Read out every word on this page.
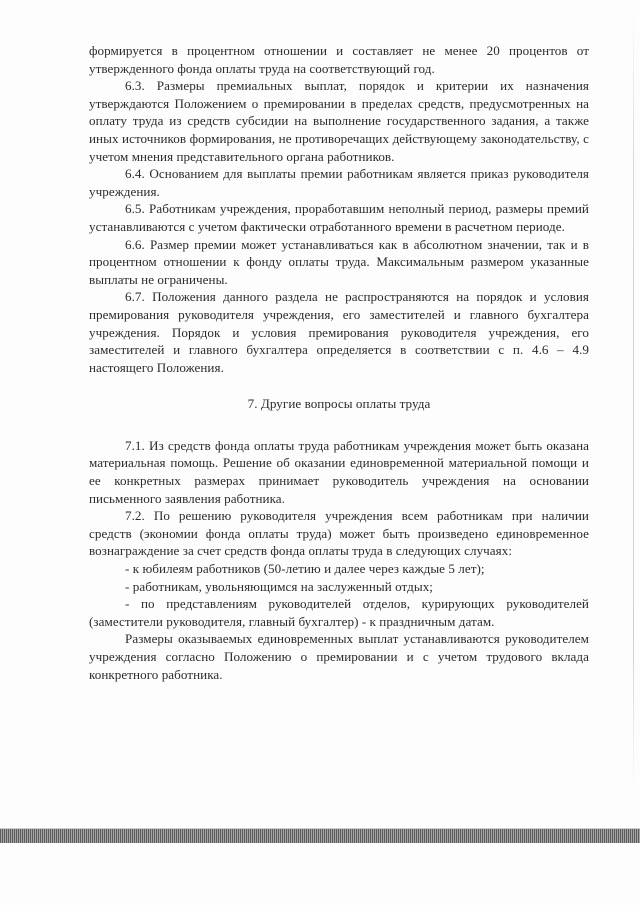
формируется в процентном отношении и составляет не менее 20 процентов от утвержденного фонда оплаты труда на соответствующий год.

6.3. Размеры премиальных выплат, порядок и критерии их назначения утверждаются Положением о премировании в пределах средств, предусмотренных на оплату труда из средств субсидии на выполнение государственного задания, а также иных источников формирования, не противоречащих действующему законодательству, с учетом мнения представительного органа работников.

6.4. Основанием для выплаты премии работникам является приказ руководителя учреждения.

6.5. Работникам учреждения, проработавшим неполный период, размеры премий устанавливаются с учетом фактически отработанного времени в расчетном периоде.

6.6. Размер премии может устанавливаться как в абсолютном значении, так и в процентном отношении к фонду оплаты труда. Максимальным размером указанные выплаты не ограничены.

6.7. Положения данного раздела не распространяются на порядок и условия премирования руководителя учреждения, его заместителей и главного бухгалтера учреждения. Порядок и условия премирования руководителя учреждения, его заместителей и главного бухгалтера определяется в соответствии с п. 4.6 – 4.9 настоящего Положения.

7. Другие вопросы оплаты труда

7.1. Из средств фонда оплаты труда работникам учреждения может быть оказана материальная помощь. Решение об оказании единовременной материальной помощи и ее конкретных размерах принимает руководитель учреждения на основании письменного заявления работника.

7.2. По решению руководителя учреждения всем работникам при наличии средств (экономии фонда оплаты труда) может быть произведено единовременное вознаграждение за счет средств фонда оплаты труда в следующих случаях:

- к юбилеям работников (50-летию и далее через каждые 5 лет);

- работникам, увольняющимся на заслуженный отдых;

- по представлениям руководителей отделов, курирующих руководителей (заместители руководителя, главный бухгалтер) - к праздничным датам.

Размеры оказываемых единовременных выплат устанавливаются руководителем учреждения согласно Положению о премировании и с учетом трудового вклада конкретного работника.
